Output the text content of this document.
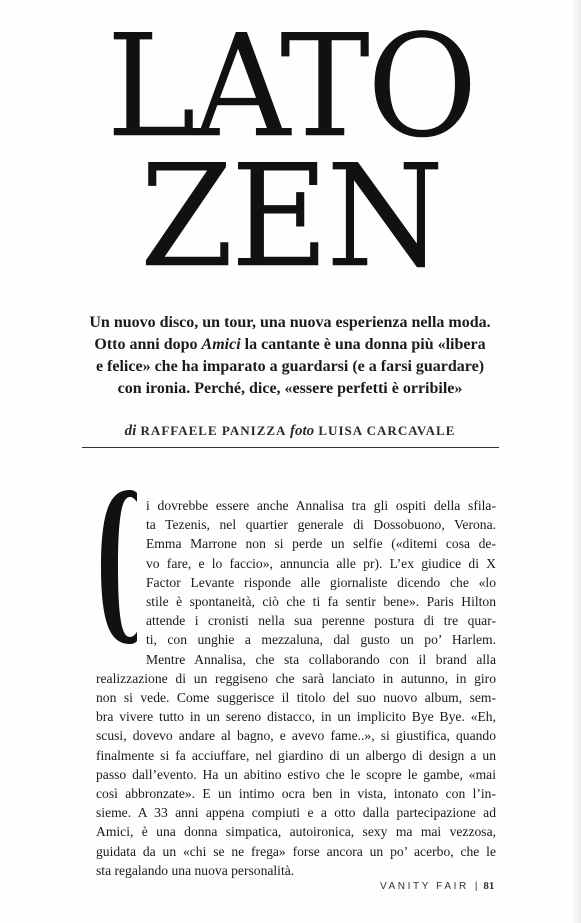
LATO
ZEN
Un nuovo disco, un tour, una nuova esperienza nella moda.
Otto anni dopo Amici la cantante è una donna più «libera
e felice» che ha imparato a guardarsi (e a farsi guardare)
con ironia. Perché, dice, «essere perfetti è orribile»
di RAFFAELE PANIZZA foto LUISA CARCAVALE
i dovrebbe essere anche Annalisa tra gli ospiti della sfila-
ta Tezenis, nel quartier generale di Dossobuono, Verona.
Emma Marrone non si perde un selfie («ditemi cosa de-
vo fare, e lo faccio», annuncia alle pr). L’ex giudice di X
Factor Levante risponde alle giornaliste dicendo che «lo
stile è spontaneità, ciò che ti fa sentir bene». Paris Hilton
attende i cronisti nella sua perenne postura di tre quar-
ti, con unghie a mezzaluna, dal gusto un po’ Harlem.
Mentre Annalisa, che sta collaborando con il brand alla
realizzazione di un reggiseno che sarà lanciato in autunno, in giro
non si vede. Come suggerisce il titolo del suo nuovo album, sem-
bra vivere tutto in un sereno distacco, in un implicito Bye Bye. «Eh,
scusi, dovevo andare al bagno, e avevo fame..», si giustifica, quando
finalmente si fa acciuffare, nel giardino di un albergo di design a un
passo dall’evento. Ha un abitino estivo che le scopre le gambe, «mai
così abbronzate». E un intimo ocra ben in vista, intonato con l’in-
sieme. A 33 anni appena compiuti e a otto dalla partecipazione ad
Amici, è una donna simpatica, autoironica, sexy ma mai vezzosa,
guidata da un «chi se ne frega» forse ancora un po’ acerbo, che le
sta regalando una nuova personalità.
VANITY FAIR | 81
